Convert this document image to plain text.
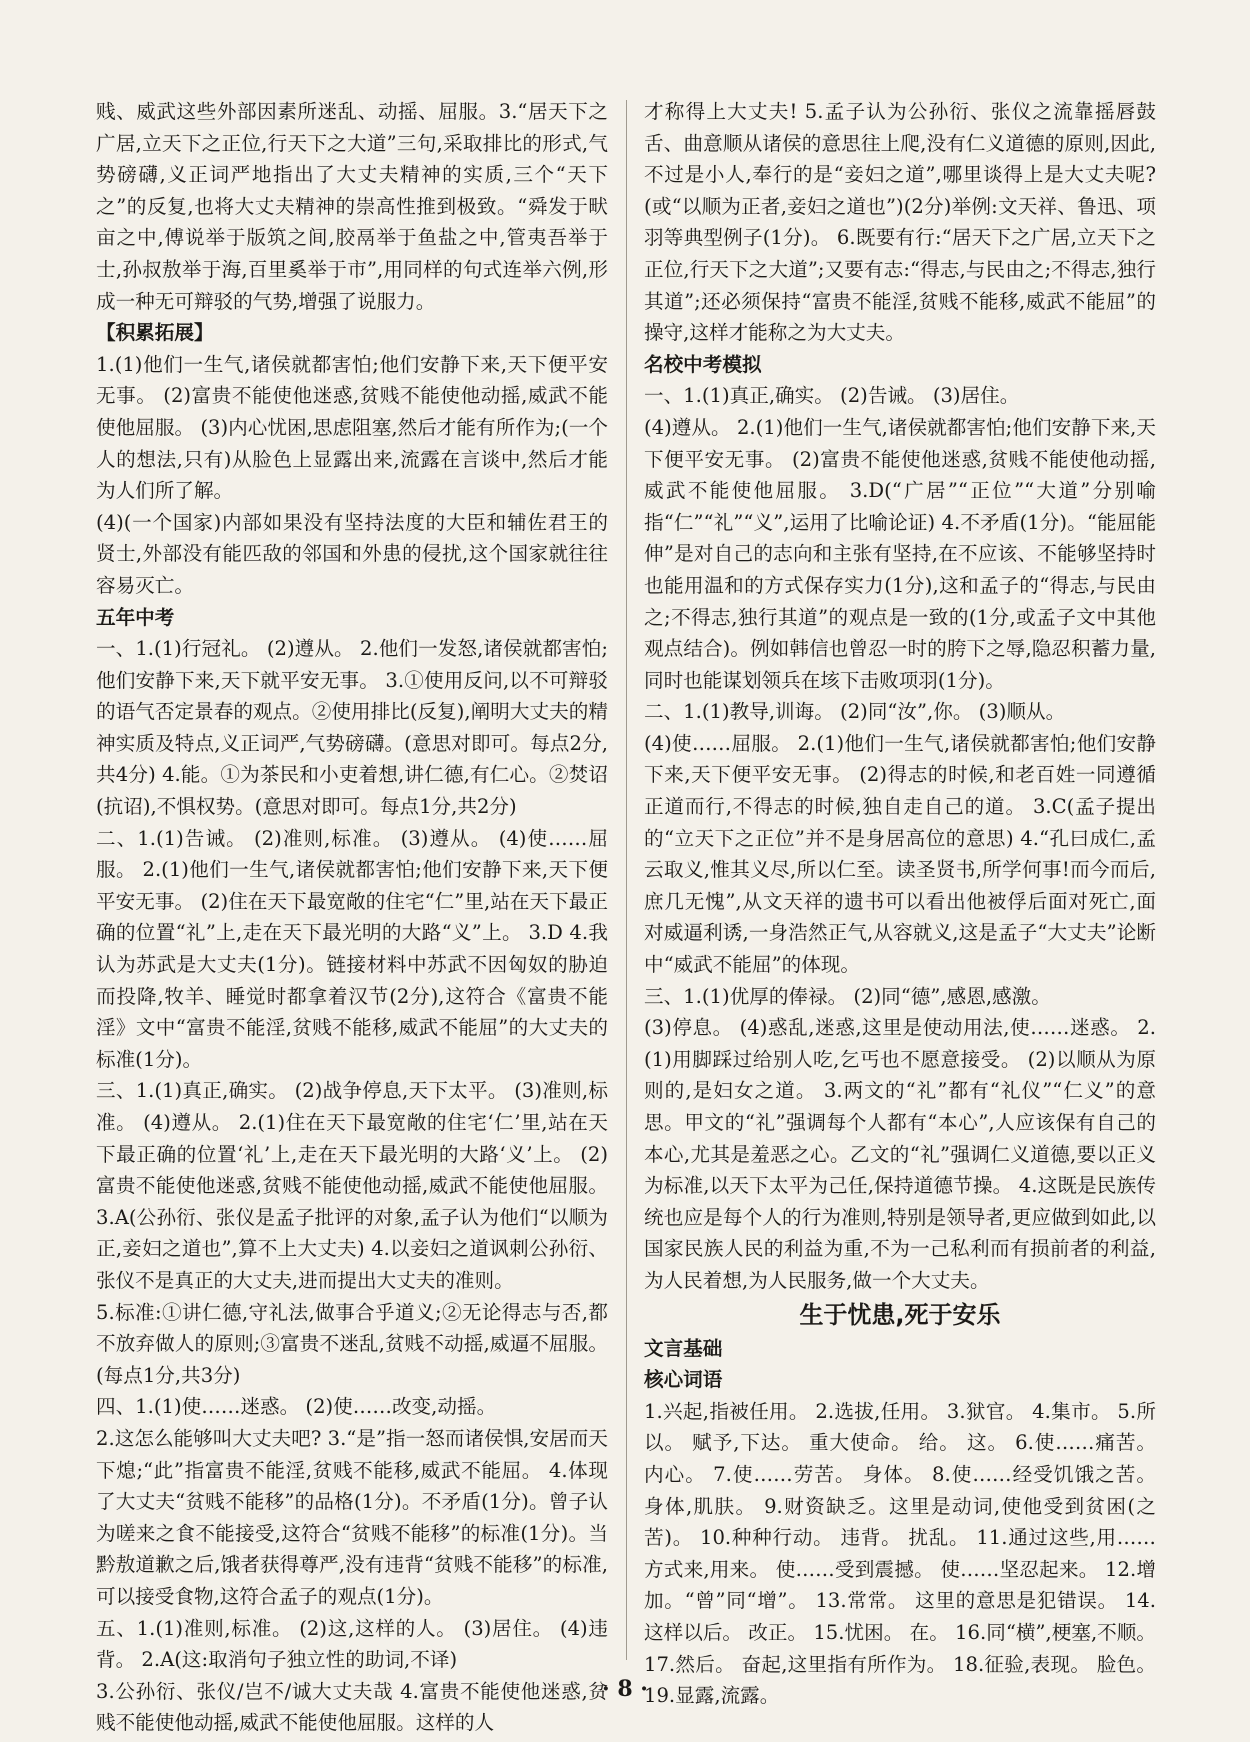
贱、威武这些外部因素所迷乱、动摇、屈服。3.“居天下之广居,立天下之正位,行天下之大道”三句,采取排比的形式,气势磅礴,义正词严地指出了大丈夫精神的实质,三个“天下之”的反复,也将大丈夫精神的崇高性推到极致。“舜发于畎亩之中,傅说举于版筑之间,胶鬲举于鱼盐之中,管夷吾举于士,孙叔敖举于海,百里奚举于市”,用同样的句式连举六例,形成一种无可辩驳的气势,增强了说服力。

【积累拓展】

1.(1)他们一生气,诸侯就都害怕;他们安静下来,天下便平安无事。 (2)富贵不能使他迷惑,贫贱不能使他动摇,威武不能使他屈服。 (3)内心忧困,思虑阻塞,然后才能有所作为;(一个人的想法,只有)从脸色上显露出来,流露在言谈中,然后才能为人们所了解。

(4)(一个国家)内部如果没有坚持法度的大臣和辅佐君王的贤士,外部没有能匹敌的邻国和外患的侵扰,这个国家就往往容易灭亡。

五年中考

一、1.(1)行冠礼。 (2)遵从。 2.他们一发怒,诸侯就都害怕;他们安静下来,天下就平安无事。 3.①使用反问,以不可辩驳的语气否定景春的观点。②使用排比(反复),阐明大丈夫的精神实质及特点,义正词严,气势磅礴。(意思对即可。每点2分,共4分) 4.能。①为茶民和小吏着想,讲仁德,有仁心。②焚诏(抗诏),不惧权势。(意思对即可。每点1分,共2分)

二、1.(1)告诫。 (2)准则,标准。 (3)遵从。 (4)使……屈服。 2.(1)他们一生气,诸侯就都害怕;他们安静下来,天下便平安无事。 (2)住在天下最宽敞的住宅“仁”里,站在天下最正确的位置“礼”上,走在天下最光明的大路“义”上。 3.D 4.我认为苏武是大丈夫(1分)。链接材料中苏武不因匈奴的胁迫而投降,牧羊、睡觉时都拿着汉节(2分),这符合《富贵不能淫》文中“富贵不能淫,贫贱不能移,威武不能屈”的大丈夫的标准(1分)。

三、1.(1)真正,确实。 (2)战争停息,天下太平。 (3)准则,标准。 (4)遵从。 2.(1)住在天下最宽敞的住宅‘仁’里,站在天下最正确的位置‘礼’上,走在天下最光明的大路‘义’上。 (2)富贵不能使他迷惑,贫贱不能使他动摇,威武不能使他屈服。 3.A(公孙衍、张仪是孟子批评的对象,孟子认为他们“以顺为正,妾妇之道也”,算不上大丈夫) 4.以妾妇之道讽刺公孙衍、张仪不是真正的大丈夫,进而提出大丈夫的准则。

5.标准:①讲仁德,守礼法,做事合乎道义;②无论得志与否,都不放弃做人的原则;③富贵不迷乱,贫贱不动摇,威逼不屈服。(每点1分,共3分)

四、1.(1)使……迷惑。 (2)使……改变,动摇。

2.这怎么能够叫大丈夫吧? 3.“是”指一怒而诸侯惧,安居而天下熄;“此”指富贵不能淫,贫贱不能移,威武不能屈。 4.体现了大丈夫“贫贱不能移”的品格(1分)。不矛盾(1分)。曾子认为嗟来之食不能接受,这符合“贫贱不能移”的标准(1分)。当黔敖道歉之后,饿者获得尊严,没有违背“贫贱不能移”的标准,可以接受食物,这符合孟子的观点(1分)。

五、1.(1)准则,标准。 (2)这,这样的人。 (3)居住。 (4)违背。 2.A(这:取消句子独立性的助词,不译)

3.公孙衍、张仪/岂不/诚大丈夫哉 4.富贵不能使他迷惑,贫贱不能使他动摇,威武不能使他屈服。这样的人

才称得上大丈夫! 5.孟子认为公孙衍、张仪之流靠摇唇鼓舌、曲意顺从诸侯的意思往上爬,没有仁义道德的原则,因此,不过是小人,奉行的是“妾妇之道”,哪里谈得上是大丈夫呢?(或“以顺为正者,妾妇之道也”)(2分)举例:文天祥、鲁迅、项羽等典型例子(1分)。 6.既要有行:“居天下之广居,立天下之正位,行天下之大道”;又要有志:“得志,与民由之;不得志,独行其道”;还必须保持“富贵不能淫,贫贱不能移,威武不能屈”的操守,这样才能称之为大丈夫。

名校中考模拟

一、1.(1)真正,确实。 (2)告诫。 (3)居住。

(4)遵从。 2.(1)他们一生气,诸侯就都害怕;他们安静下来,天下便平安无事。 (2)富贵不能使他迷惑,贫贱不能使他动摇,威武不能使他屈服。 3.D(“广居”“正位”“大道”分别喻指“仁”“礼”“义”,运用了比喻论证) 4.不矛盾(1分)。“能屈能伸”是对自己的志向和主张有坚持,在不应该、不能够坚持时也能用温和的方式保存实力(1分),这和孟子的“得志,与民由之;不得志,独行其道”的观点是一致的(1分,或孟子文中其他观点结合)。例如韩信也曾忍一时的胯下之辱,隐忍积蓄力量,同时也能谋划领兵在垓下击败项羽(1分)。

二、1.(1)教导,训诲。 (2)同“汝”,你。 (3)顺从。

(4)使……屈服。 2.(1)他们一生气,诸侯就都害怕;他们安静下来,天下便平安无事。 (2)得志的时候,和老百姓一同遵循正道而行,不得志的时候,独自走自己的道。 3.C(孟子提出的“立天下之正位”并不是身居高位的意思) 4.“孔曰成仁,孟云取义,惟其义尽,所以仁至。读圣贤书,所学何事!而今而后,庶几无愧”,从文天祥的遗书可以看出他被俘后面对死亡,面对威逼利诱,一身浩然正气,从容就义,这是孟子“大丈夫”论断中“威武不能屈”的体现。

三、1.(1)优厚的俸禄。 (2)同“德”,感恩,感激。

(3)停息。 (4)惑乱,迷惑,这里是使动用法,使……迷惑。 2.(1)用脚踩过给别人吃,乞丐也不愿意接受。 (2)以顺从为原则的,是妇女之道。 3.两文的“礼”都有“礼仪”“仁义”的意思。甲文的“礼”强调每个人都有“本心”,人应该保有自己的本心,尤其是羞恶之心。乙文的“礼”强调仁义道德,要以正义为标准,以天下太平为己任,保持道德节操。 4.这既是民族传统也应是每个人的行为准则,特别是领导者,更应做到如此,以国家民族人民的利益为重,不为一己私利而有损前者的利益,为人民着想,为人民服务,做一个大丈夫。

生于忧患,死于安乐

文言基础

核心词语

1.兴起,指被任用。 2.选拔,任用。 3.狱官。 4.集市。 5.所以。 赋予,下达。 重大使命。 给。 这。 6.使……痛苦。 内心。 7.使……劳苦。 身体。 8.使……经受饥饿之苦。 身体,肌肤。 9.财资缺乏。这里是动词,使他受到贫困(之苦)。 10.种种行动。 违背。 扰乱。 11.通过这些,用……方式来,用来。 使……受到震撼。 使……坚忍起来。 12.增加。“曾”同“增”。 13.常常。 这里的意思是犯错误。 14.这样以后。 改正。 15.忧困。 在。 16.同“横”,梗塞,不顺。 17.然后。 奋起,这里指有所作为。 18.征验,表现。 脸色。 19.显露,流露。

· 8 ·
